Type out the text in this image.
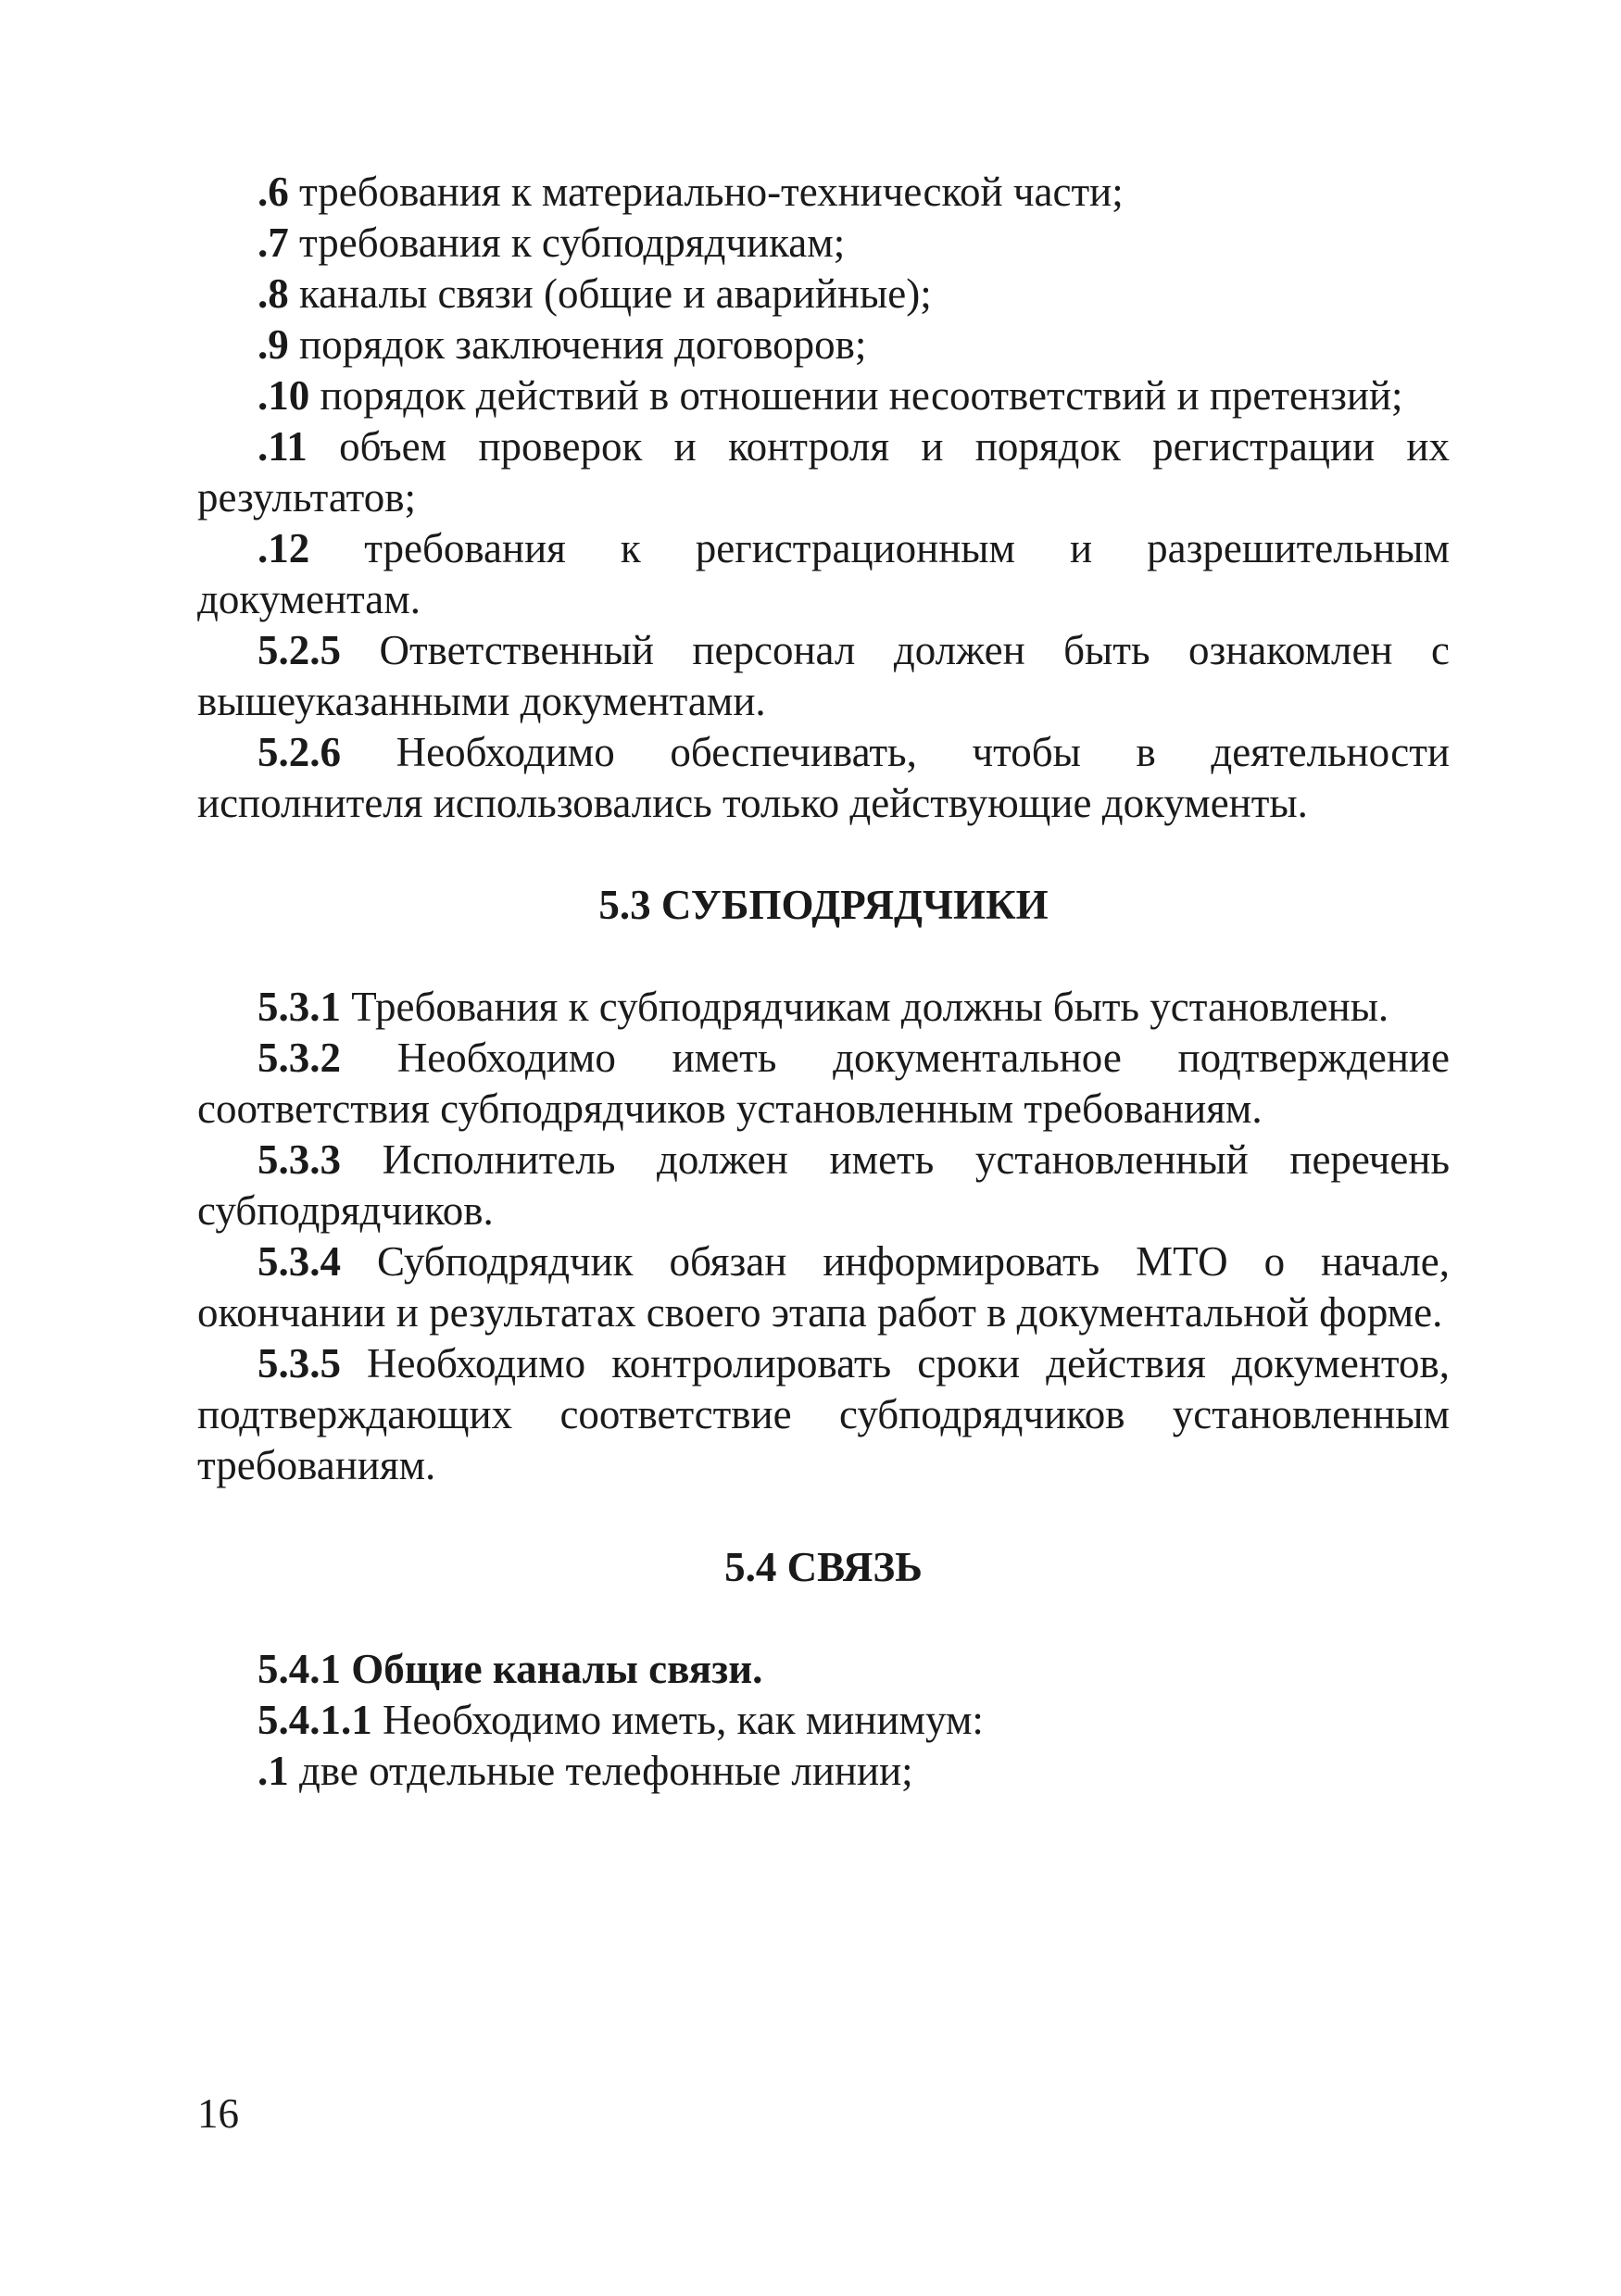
.6 требования к материально-технической части;

.7 требования к субподрядчикам;

.8 каналы связи (общие и аварийные);

.9 порядок заключения договоров;

.10 порядок действий в отношении несоответствий и претензий;

.11 объем проверок и контроля и порядок регистрации их результатов;

.12 требования к регистрационным и разрешительным документам.

5.2.5 Ответственный персонал должен быть ознакомлен с вышеуказанными документами.

5.2.6 Необходимо обеспечивать, чтобы в деятельности исполнителя использовались только действующие документы.

5.3 СУБПОДРЯДЧИКИ

5.3.1 Требования к субподрядчикам должны быть установлены.

5.3.2 Необходимо иметь документальное подтверждение соответствия субподрядчиков установленным требованиям.

5.3.3 Исполнитель должен иметь установленный перечень субподрядчиков.

5.3.4 Субподрядчик обязан информировать МТО о начале, окончании и результатах своего этапа работ в документальной форме.

5.3.5 Необходимо контролировать сроки действия документов, подтверждающих соответствие субподрядчиков установленным требованиям.

5.4 СВЯЗЬ

5.4.1 Общие каналы связи.

5.4.1.1 Необходимо иметь, как минимум:

.1 две отдельные телефонные линии;

16
